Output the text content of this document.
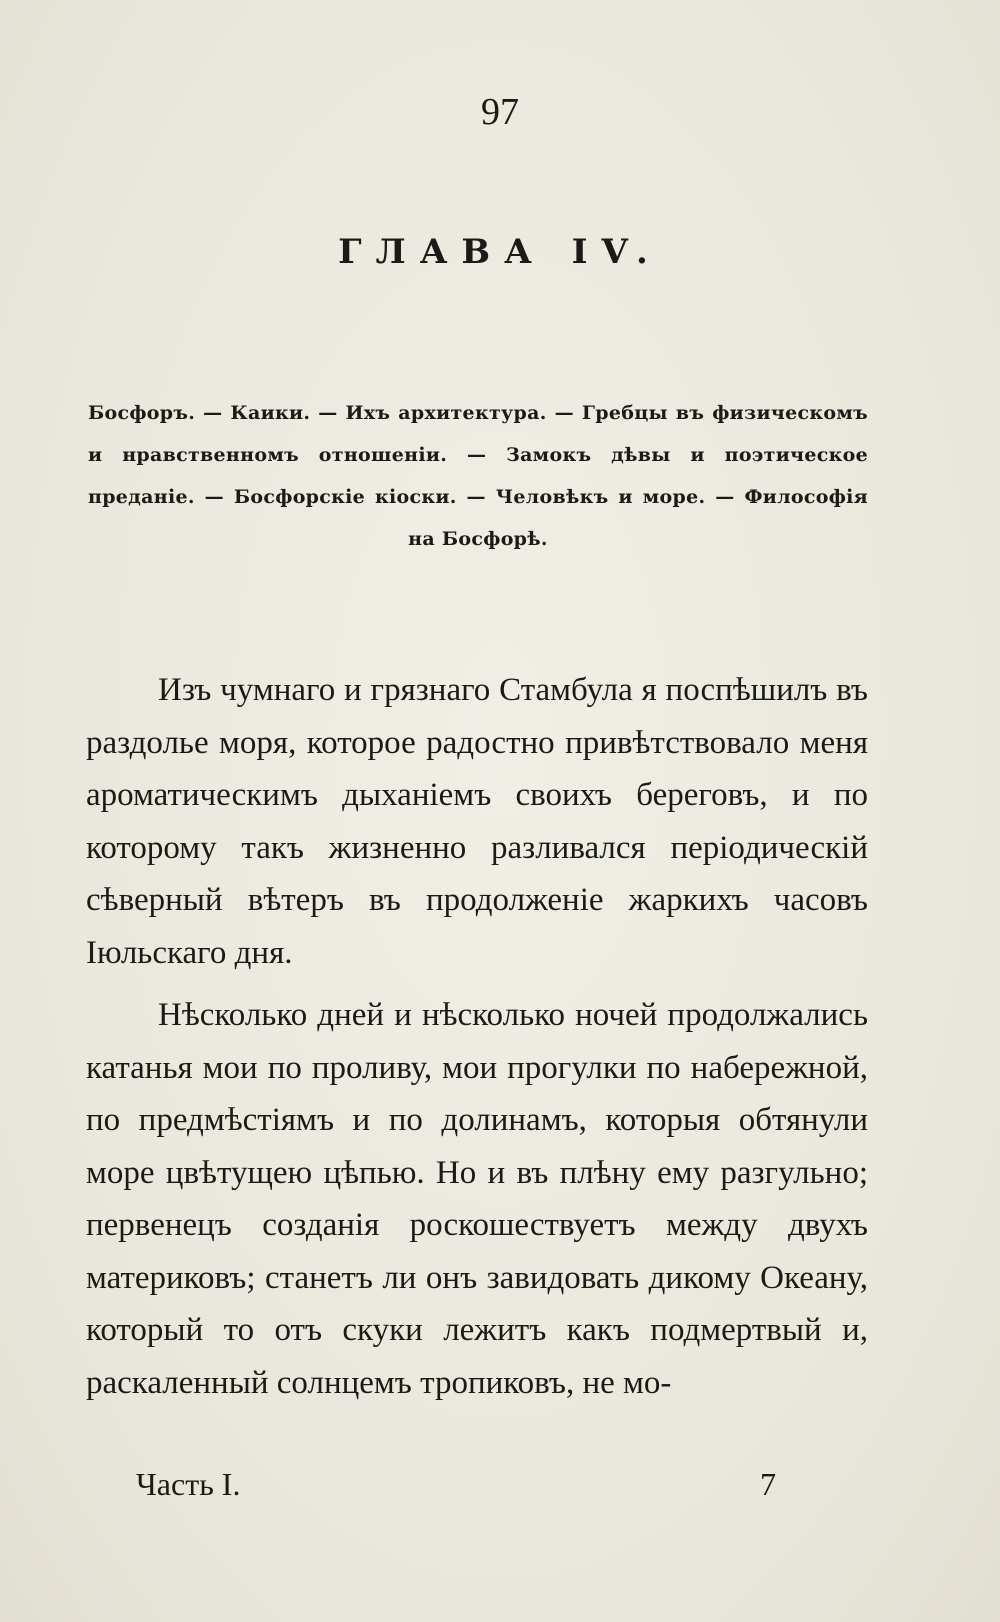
97
ГЛАВА IV.
Босфоръ. — Каики. — Ихъ архитектура. — Гребцы въ физическомъ и нравственномъ отношеніи. — Замокъ дѣвы и поэтическое преданіе. — Босфорскіе кіоски. — Человѣкъ и море. — Философія на Босфорѣ.

Изъ чумнаго и грязнаго Стамбула я поспѣшилъ въ раздолье моря, которое радостно привѣтствовало меня ароматическимъ дыханіемъ своихъ береговъ, и по которому такъ жизненно разливался періодическій сѣверный вѣтеръ въ продолженіе жаркихъ часовъ Іюльскаго дня.

Нѣсколько дней и нѣсколько ночей продолжались катанья мои по проливу, мои прогулки по набережной, по предмѣстіямъ и по долинамъ, которыя обтянули море цвѣтущею цѣпью. Но и въ плѣну ему разгульно; первенецъ созданія роскошествуетъ между двухъ материковъ; станетъ ли онъ завидовать дикому Океану, который то отъ скуки лежитъ какъ подмертвый и, раскаленный солнцемъ тропиковъ, не мо-

Часть I.	7
